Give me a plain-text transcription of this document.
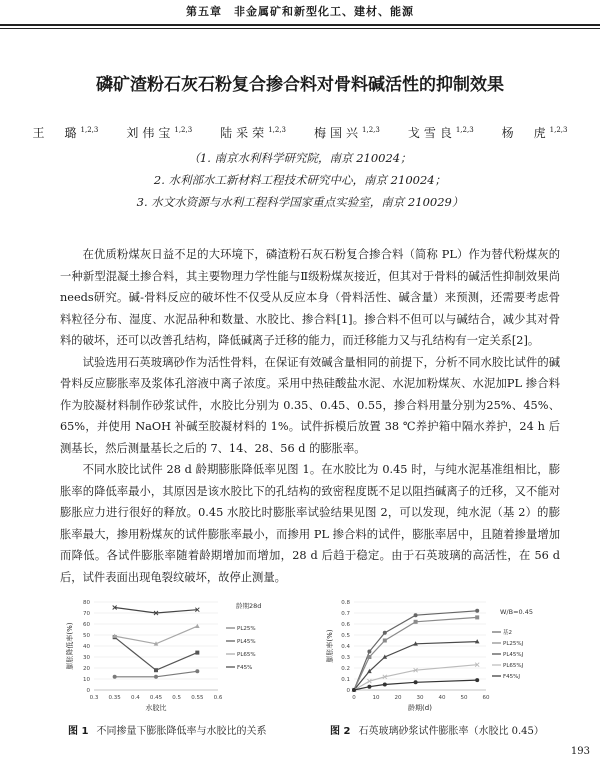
第五章　非金属矿和新型化工、建材、能源
磷矿渣粉石灰石粉复合掺合料对骨料碱活性的抑制效果
王　璐$^{1,2,3}$ 刘伟宝$^{1,2,3}$ 陆采荣$^{1,2,3}$ 梅国兴$^{1,2,3}$ 戈雪良$^{1,2,3}$ 杨　虎$^{1,2,3}$
（1. 南京水利科学研究院，南京 210024；
2. 水利部水工新材料工程技术研究中心，南京 210024；
3. 水文水资源与水利工程科学国家重点实验室，南京 210029）

在优质粉煤灰日益不足的大环境下，磷渣粉石灰石粉复合掺合料（简称 PL）作为替代粉煤灰的一种新型混凝土掺合料，其主要物理力学性能与Ⅱ级粉煤灰接近，但其对于骨料的碱活性抑制效果尚needs研究。碱-骨料反应的破坏性不仅受从反应本身（骨料活性、碱含量）来预测，还需要考虑骨料粒径分布、湿度、水泥品种和数量、水胶比、掺合料[1]。掺合料不但可以与碱结合，减少其对骨料的破坏，还可以改善孔结构，降低碱离子迁移的能力，而迁移能力又与孔结构有一定关系[2]。

试验选用石英玻璃砂作为活性骨料，在保证有效碱含量相同的前提下，分析不同水胶比试件的碱骨料反应膨胀率及浆体孔溶液中离子浓度。采用中热硅酸盐水泥、水泥加粉煤灰、水泥加PL 掺合料作为胶凝材料制作砂浆试件，水胶比分别为 0.35、0.45、0.55，掺合料用量分别为25%、45%、65%，并使用 NaOH 补碱至胶凝材料的 1%。试件拆模后放置 38 ℃养护箱中隔水养护，24 h 后测基长，然后测量基长之后的 7、14、28、56 d 的膨胀率。

不同水胶比试件 28 d 龄期膨胀降低率见图 1。在水胶比为 0.45 时，与纯水泥基准组相比，膨胀率的降低率最小，其原因是该水胶比下的孔结构的致密程度既不足以阻挡碱离子的迁移，又不能对膨胀应力进行很好的释放。0.45 水胶比时膨胀率试验结果见图 2，可以发现，纯水泥（基 2）的膨胀率最大，掺用粉煤灰的试件膨胀率最小，而掺用 PL 掺合料的试件，膨胀率居中，且随着掺量增加而降低。各试件膨胀率随着龄期增加而增加，28 d 后趋于稳定。由于石英玻璃的高活性，在 56 d 后，试件表面出现龟裂纹破坏，故停止测量。

0
10
20
30
40
50
60
70
80
0.3 0.35 0.4 0.45 0.5 0.55 0.6
水胶比
膨胀降低率(%)	PL25%
PL45%
PL65%
F45%
龄期28d
图 1 不同掺量下膨胀降低率与水胶比的关系
0
0.1
0.2
0.3
0.4
0.5
0.6
0.7
0.8
0	10	20	30	40	50	60
龄期(d)
膨胀率(%)	基2
PL25%J
PL45%J
PL65%J
F45%J
W/B=0.45
图 2 石英玻璃砂浆试件膨胀率（水胶比 0.45）
193
